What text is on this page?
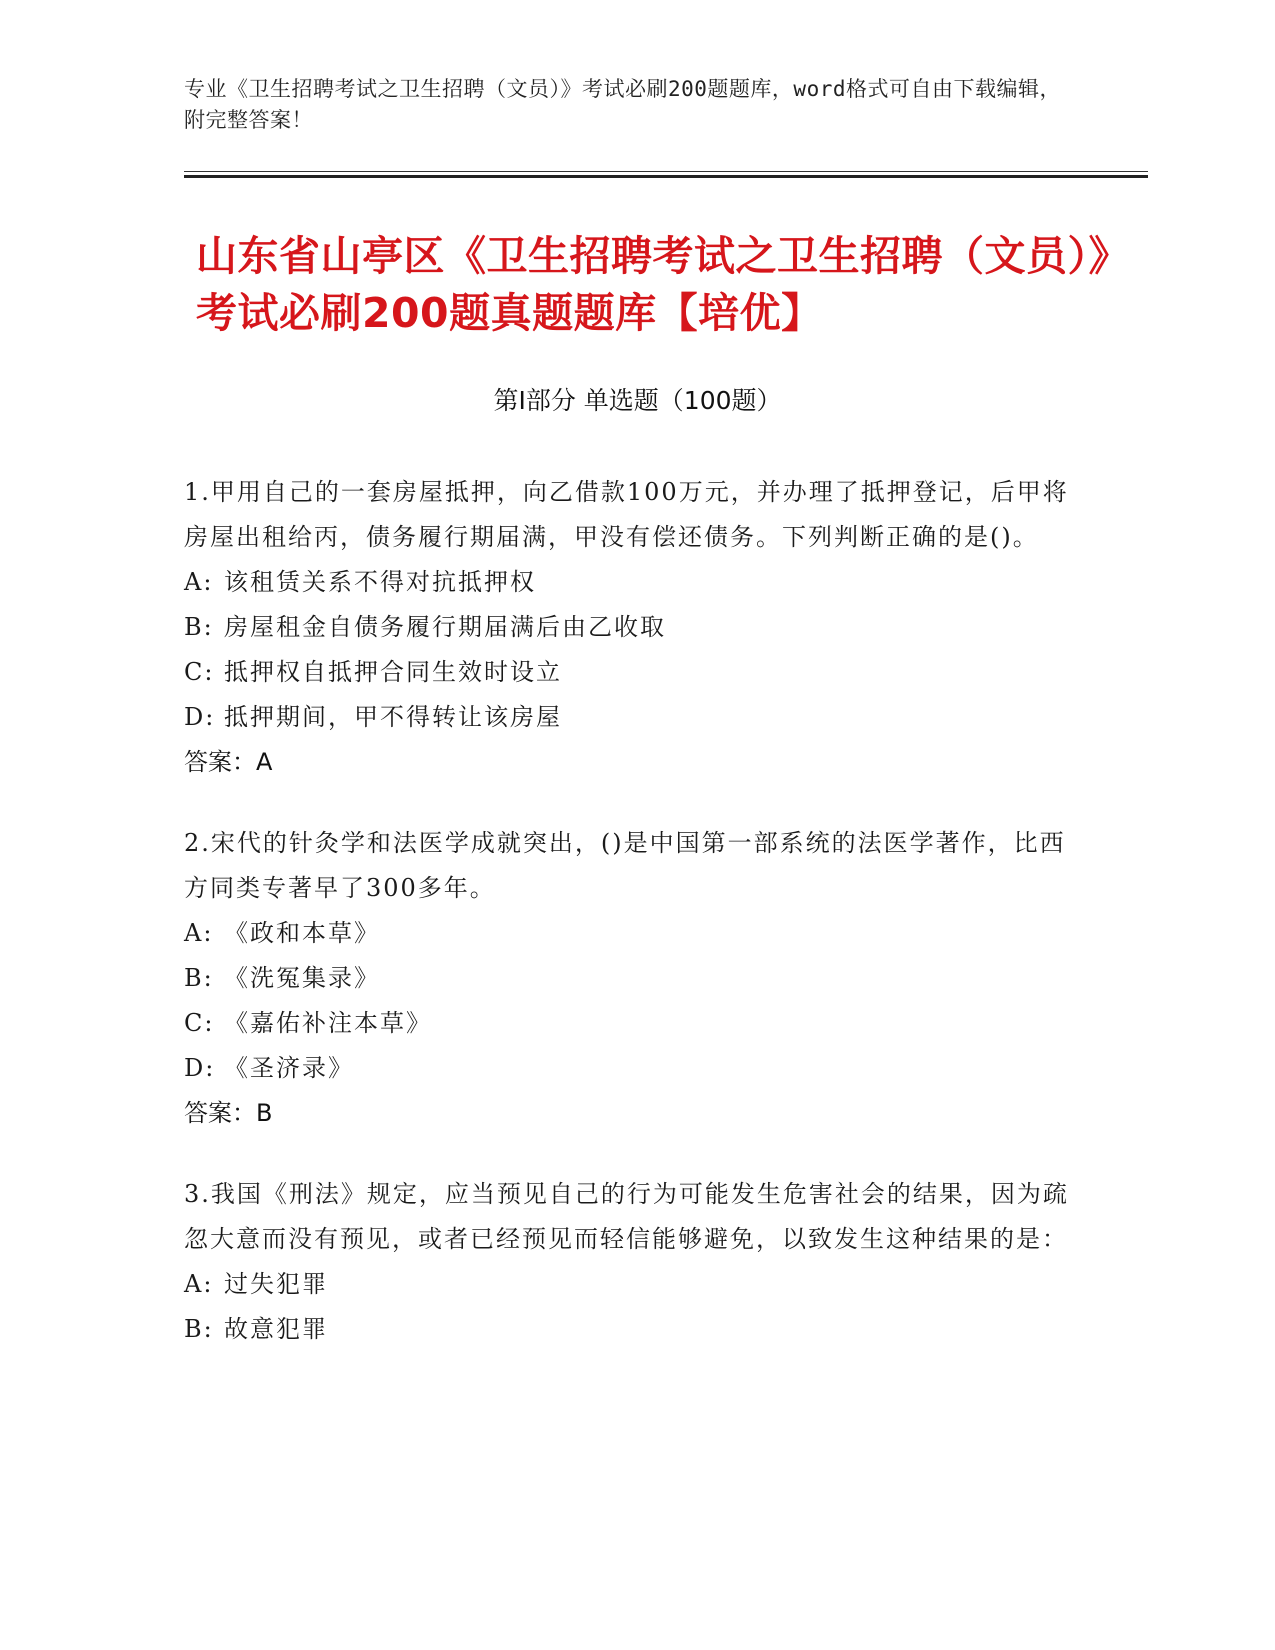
专业《卫生招聘考试之卫生招聘（文员）》考试必刷200题题库，word格式可自由下载编辑，附完整答案！
山东省山亭区《卫生招聘考试之卫生招聘（文员）》考试必刷200题真题题库【培优】
第Ⅰ部分 单选题（100题）

1.甲用自己的一套房屋抵押，向乙借款100万元，并办理了抵押登记，后甲将房屋出租给丙，债务履行期届满，甲没有偿还债务。下列判断正确的是()。

A: 该租赁关系不得对抗抵押权

B: 房屋租金自债务履行期届满后由乙收取

C: 抵押权自抵押合同生效时设立

D: 抵押期间，甲不得转让该房屋

答案：A

2.宋代的针灸学和法医学成就突出，()是中国第一部系统的法医学著作，比西方同类专著早了300多年。

A: 《政和本草》

B: 《洗冤集录》

C: 《嘉佑补注本草》

D: 《圣济录》

答案：B

3.我国《刑法》规定，应当预见自己的行为可能发生危害社会的结果，因为疏忽大意而没有预见，或者已经预见而轻信能够避免，以致发生这种结果的是：

A: 过失犯罪

B: 故意犯罪
